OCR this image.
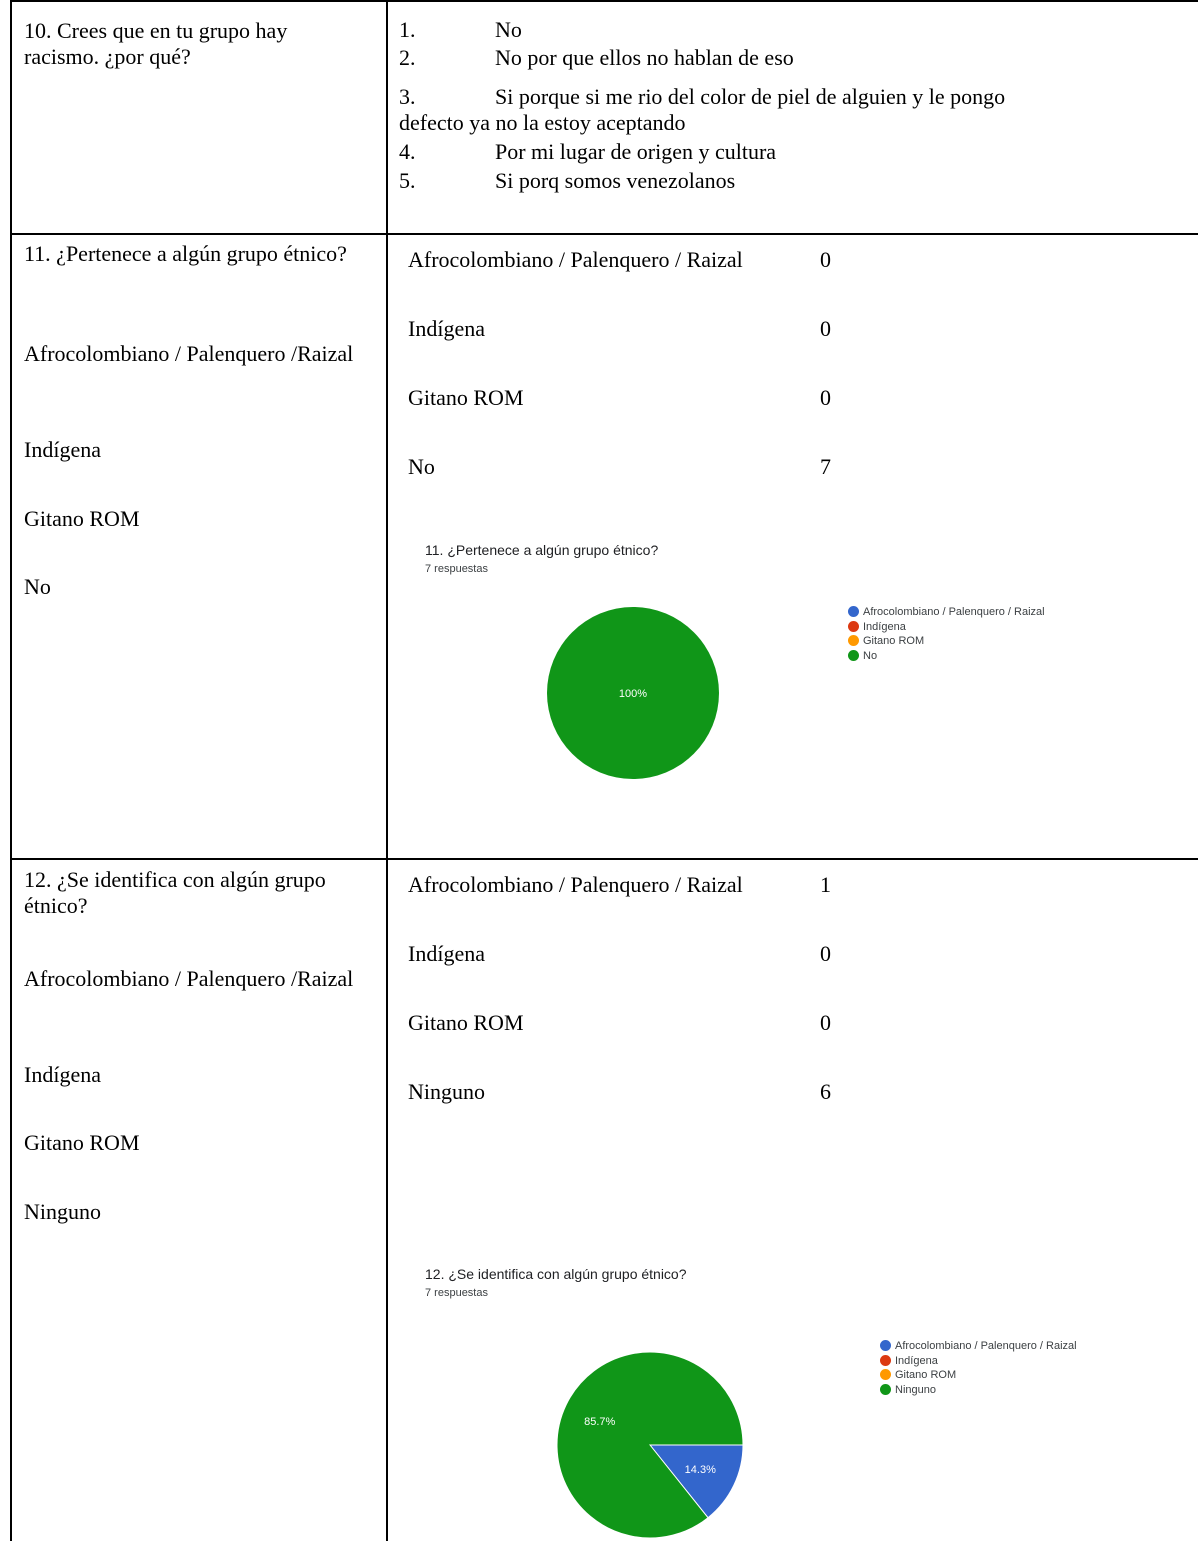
10. Crees que en tu grupo hay racismo. ¿por qué?
1.	No
2.	No por que ellos no hablan de eso
3.	Si porque si me rio del color de piel de alguien y le pongo
defecto ya no la estoy aceptando
4.	Por mi lugar de origen y cultura
5.	Si porq somos venezolanos
11. ¿Pertenece a algún grupo étnico?
Afrocolombiano / Palenquero /Raizal
Indígena
Gitano ROM
No
Afrocolombiano / Palenquero / Raizal	0
Indígena	0
Gitano ROM	0
No	7
11. ¿Pertenece a algún grupo étnico?
7 respuestas
100%
Afrocolombiano / Palenquero / Raizal
Indígena
Gitano ROM
No
12. ¿Se identifica con algún grupo étnico?
Afrocolombiano / Palenquero /Raizal
Indígena
Gitano ROM
Ninguno
Afrocolombiano / Palenquero / Raizal	1
Indígena	0
Gitano ROM	0
Ninguno	6
12. ¿Se identifica con algún grupo étnico?
7 respuestas
14.3%
85.7%
Afrocolombiano / Palenquero / Raizal
Indígena
Gitano ROM
Ninguno
